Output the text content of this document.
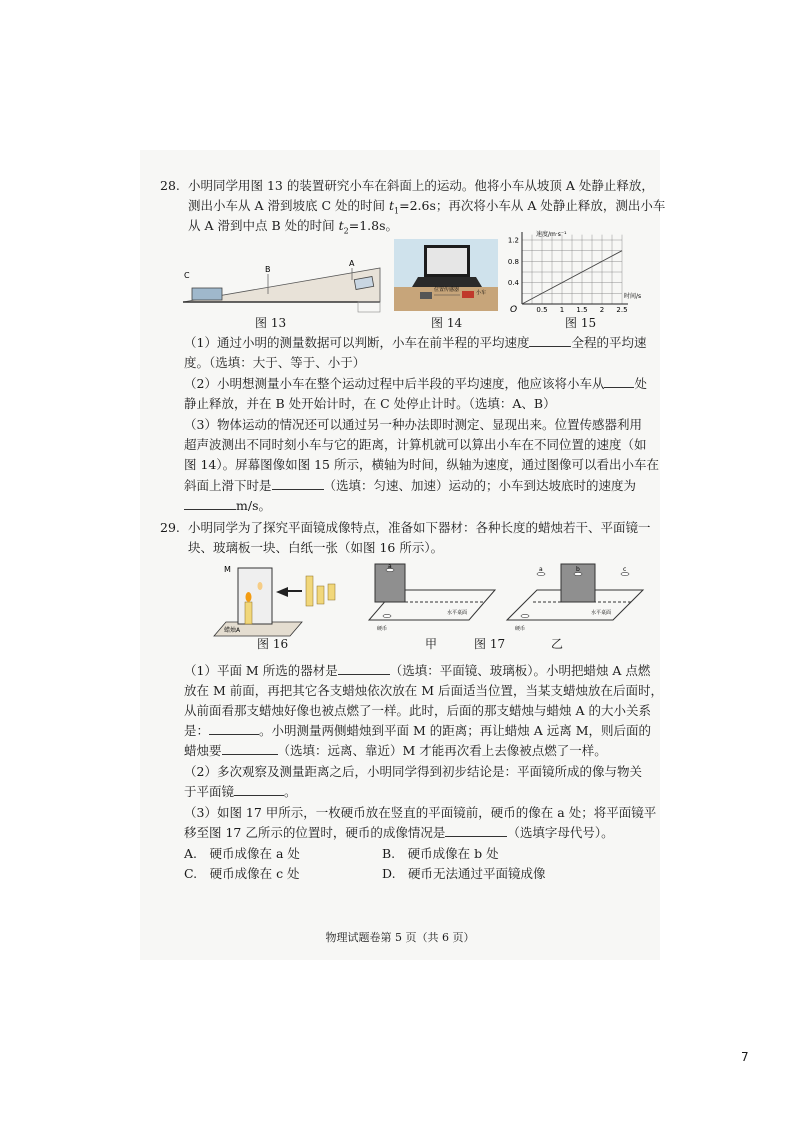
28. 小明同学用图 13 的装置研究小车在斜面上的运动。他将小车从坡顶 A 处静止释放，
测出小车从 A 滑到坡底 C 处的时间 $t_1=2.6s$；再次将小车从 A 处静止释放，测出小车
从 A 滑到中点 B 处的时间 $t_2=1.8s$。
C
B
A
图 13
位置传感器	小车
图 14
速度/m·s⁻¹
时间/s
O
0.4
0.8
1.2
0.5 1 1.5 2 2.5
图 15
（1）通过小明的测量数据可以判断，小车在前半程的平均速度	全程的平均速
度。（选填：大于、等于、小于）
（2）小明想测量小车在整个运动过程中后半段的平均速度，他应该将小车从 处
静止释放，并在 B 处开始计时，在 C 处停止计时。（选填：A、B）
（3）物体运动的情况还可以通过另一种办法即时测定、显现出来。位置传感器利用
超声波测出不同时刻小车与它的距离，计算机就可以算出小车在不同位置的速度（如
图 14）。屏幕图像如图 15 所示，横轴为时间，纵轴为速度，通过图像可以看出小车在
斜面上滑下时是	（选填：匀速、加速）运动的；小车到达坡底时的速度为
m/s。
29. 小明同学为了探究平面镜成像特点，准备如下器材：各种长度的蜡烛若干、平面镜一
块、玻璃板一块、白纸一张（如图 16 所示）。
M
蜡烛A
图 16
a
硬币
水平桌面
甲	图 17
a	b	c
硬币
水平桌面
乙
（1）平面 M 所选的器材是	（选填：平面镜、玻璃板）。小明把蜡烛 A 点燃
放在 M 前面，再把其它各支蜡烛依次放在 M 后面适当位置，当某支蜡烛放在后面时，
从前面看那支蜡烛好像也被点燃了一样。此时，后面的那支蜡烛与蜡烛 A 的大小关系
是：	。小明测量两侧蜡烛到平面 M 的距离；再让蜡烛 A 远离 M，则后面的
蜡烛要	（选填：远离、靠近）M 才能再次看上去像被点燃了一样。
（2）多次观察及测量距离之后，小明同学得到初步结论是：平面镜所成的像与物关
于平面镜	。
（3）如图 17 甲所示，一枚硬币放在竖直的平面镜前，硬币的像在 a 处；将平面镜平
移至图 17 乙所示的位置时，硬币的成像情况是	（选填字母代号）。
A.　硬币成像在 a 处	B.　硬币成像在 b 处
C.　硬币成像在 c 处	D.　硬币无法通过平面镜成像
物理试题卷第 5 页（共 6 页）
7
